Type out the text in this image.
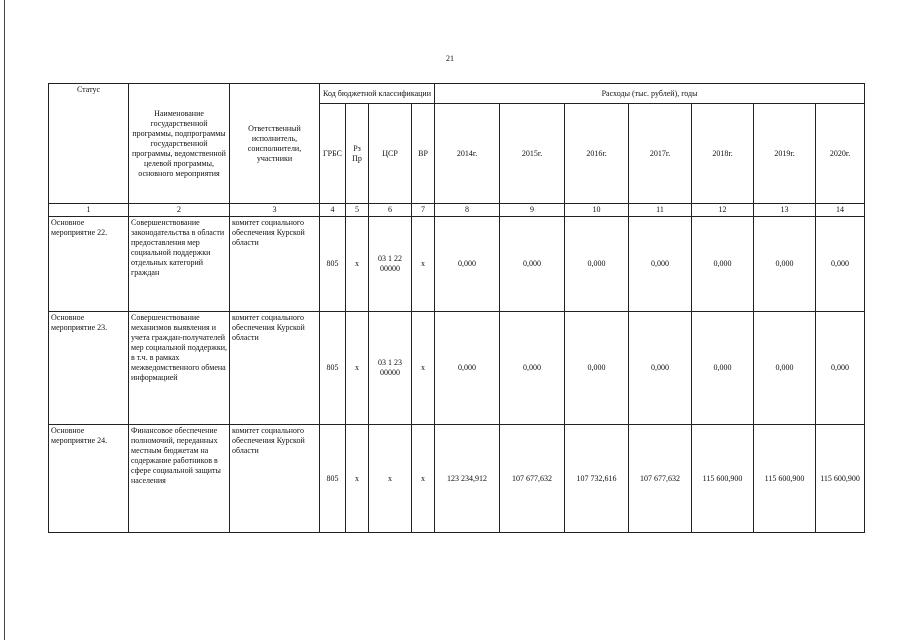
21
Статус	Наименование государственной программы, подпрограммы государственной программы, ведомственной целевой программы, основного мероприятия	Ответственный исполнитель, соисполнители, участники	Код бюджетной классификации				Расходы (тыс. рублей), годы						
			ГРБС	Рз Пр	ЦСР	ВР	2014г.	2015г.	2016г.	2017г.	2018г.	2019г.	2020г.
1	2	3	4	5	6	7	8	9	10	11	12	13	14
Основное мероприятие 22.	Совершенствование законодательства в области предоставления мер социальной поддержки отдельных категорий граждан	комитет социального обеспечения Курской области	805	х	03 1 22 00000	х	0,000	0,000	0,000	0,000	0,000	0,000	0,000
Основное мероприятие 23.	Совершенствование механизмов выявления и учета граждан-получателей мер социальной поддержки, в т.ч. в рамках межведомственного обмена информацией	комитет социального обеспечения Курской области	805	х	03 1 23 00000	х	0,000	0,000	0,000	0,000	0,000	0,000	0,000
Основное мероприятие 24.	Финансовое обеспечение полномочий, переданных местным бюджетам на содержание работников в сфере социальной защиты населения	комитет социального обеспечения Курской области	805	х	х	х	123 234,912	107 677,632	107 732,616	107 677,632	115 600,900	115 600,900	115 600,900
